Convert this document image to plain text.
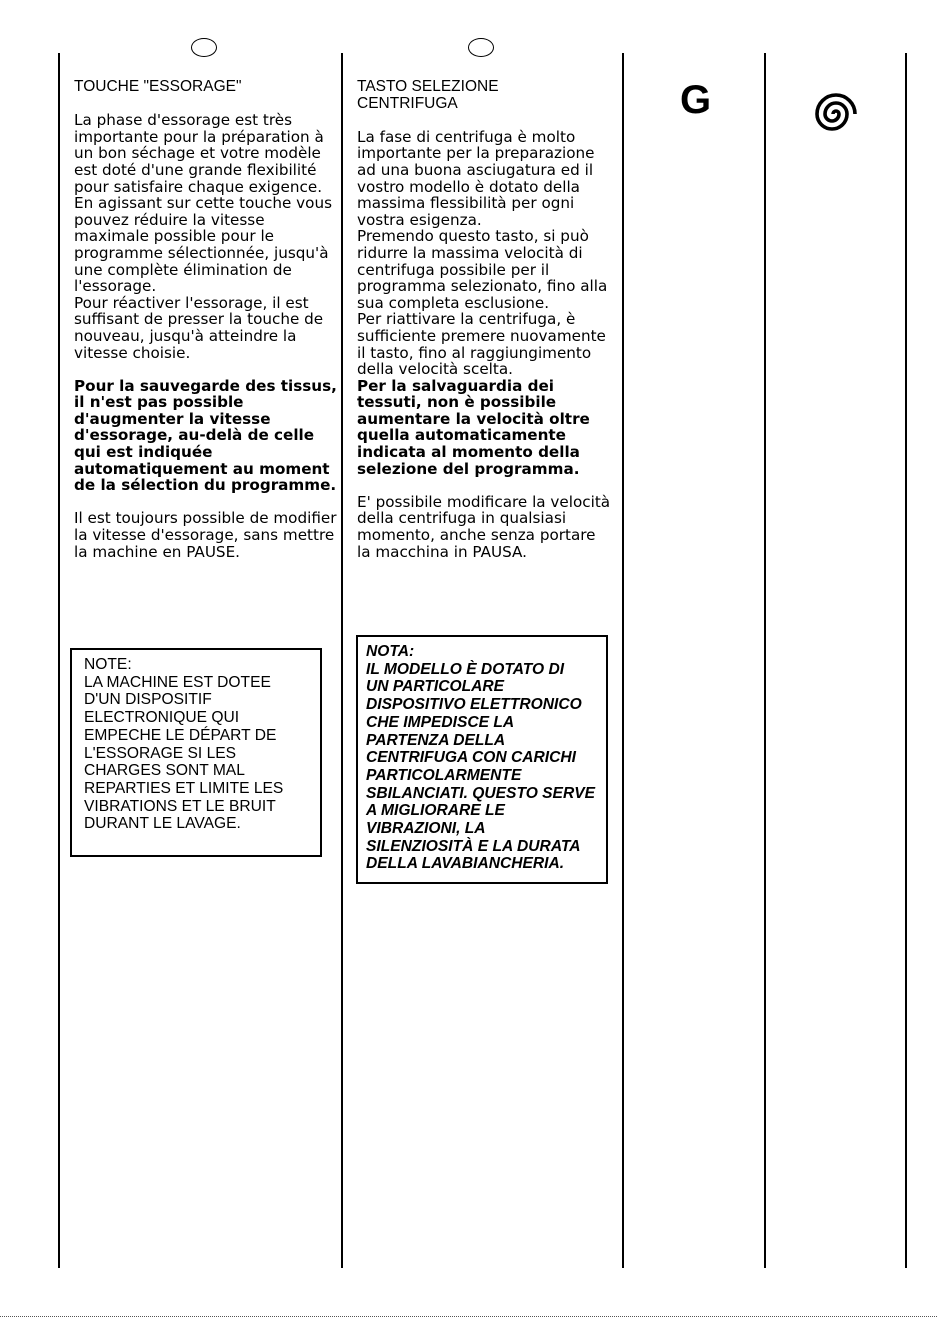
TOUCHE "ESSORAGE"

La phase d'essorage est très importante pour la préparation à un bon séchage et votre modèle est doté d'une grande flexibilité pour satisfaire chaque exigence.
En agissant sur cette touche vous pouvez réduire la vitesse maximale possible pour le programme sélectionnée, jusqu'à une complète élimination de l'essorage.

Pour réactiver l'essorage, il est suffisant de presser la touche de nouveau, jusqu'à atteindre la vitesse choisie.

Pour la sauvegarde des tissus, il n'est pas possible d'augmenter la vitesse d'essorage, au-delà de celle qui est indiquée automatiquement au moment de la sélection du programme.

Il est toujours possible de modifier la vitesse d'essorage, sans mettre la machine en PAUSE.

NOTE:
LA MACHINE EST DOTEE
D'UN DISPOSITIF
ELECTRONIQUE QUI
EMPECHE LE DÉPART DE
L'ESSORAGE SI LES
CHARGES SONT MAL
REPARTIES ET LIMITE LES
VIBRATIONS ET LE BRUIT
DURANT LE LAVAGE.

TASTO SELEZIONE
CENTRIFUGA

La fase di centrifuga è molto importante per la preparazione ad una buona asciugatura ed il vostro modello è dotato della massima flessibilità per ogni vostra esigenza.
Premendo questo tasto, si può ridurre la massima velocità di centrifuga possibile per il programma selezionato, fino alla sua completa esclusione.
Per riattivare la centrifuga, è sufficiente premere nuovamente il tasto, fino al raggiungimento della velocità scelta.

Per la salvaguardia dei tessuti, non è possibile aumentare la velocità oltre quella automaticamente indicata al momento della selezione del programma.

E' possibile modificare la velocità della centrifuga in qualsiasi momento, anche senza portare la macchina in PAUSA.

NOTA:
IL MODELLO È DOTATO DI
UN PARTICOLARE
DISPOSITIVO ELETTRONICO
CHE IMPEDISCE LA
PARTENZA DELLA
CENTRIFUGA CON CARICHI
PARTICOLARMENTE
SBILANCIATI. QUESTO SERVE
A MIGLIORARE LE
VIBRAZIONI, LA
SILENZIOSITÀ E LA DURATA
DELLA LAVABIANCHERIA.
G
